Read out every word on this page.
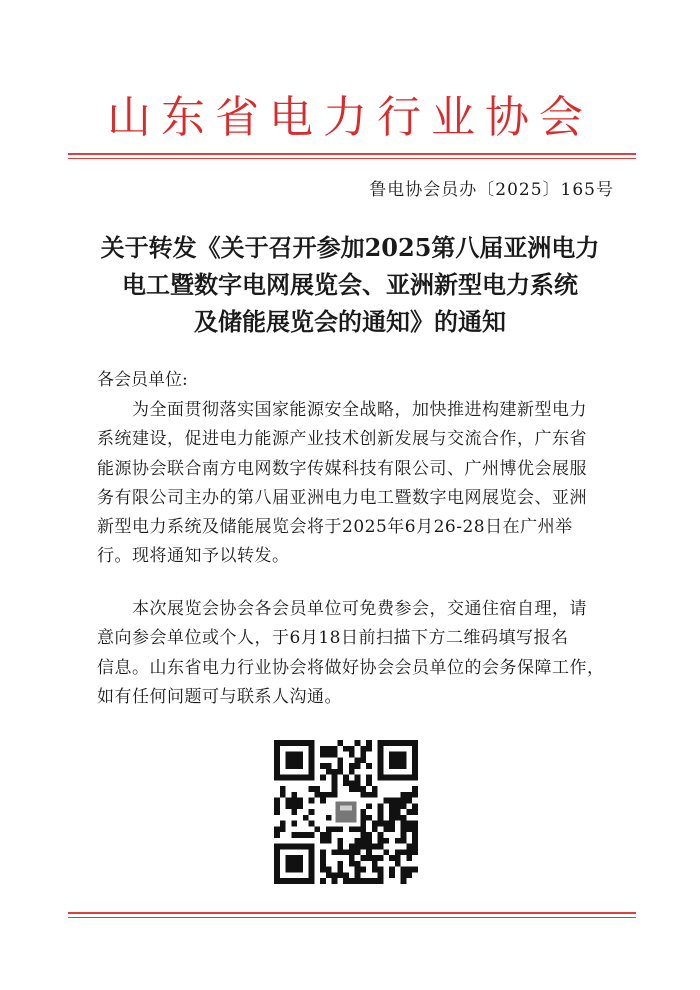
山东省电力行业协会
鲁电协会员办〔2025〕165号
关于转发《关于召开参加2025第八届亚洲电力
电工暨数字电网展览会、亚洲新型电力系统
及储能展览会的通知》的通知
各会员单位:
　　为全面贯彻落实国家能源安全战略，加快推进构建新型电力
系统建设，促进电力能源产业技术创新发展与交流合作，广东省
能源协会联合南方电网数字传媒科技有限公司、广州博优会展服
务有限公司主办的第八届亚洲电力电工暨数字电网展览会、亚洲
新型电力系统及储能展览会将于2025年6月26-28日在广州举
行。现将通知予以转发。
　　本次展览会协会各会员单位可免费参会，交通住宿自理，请
意向参会单位或个人，于6月18日前扫描下方二维码填写报名
信息。山东省电力行业协会将做好协会会员单位的会务保障工作，
如有任何问题可与联系人沟通。
